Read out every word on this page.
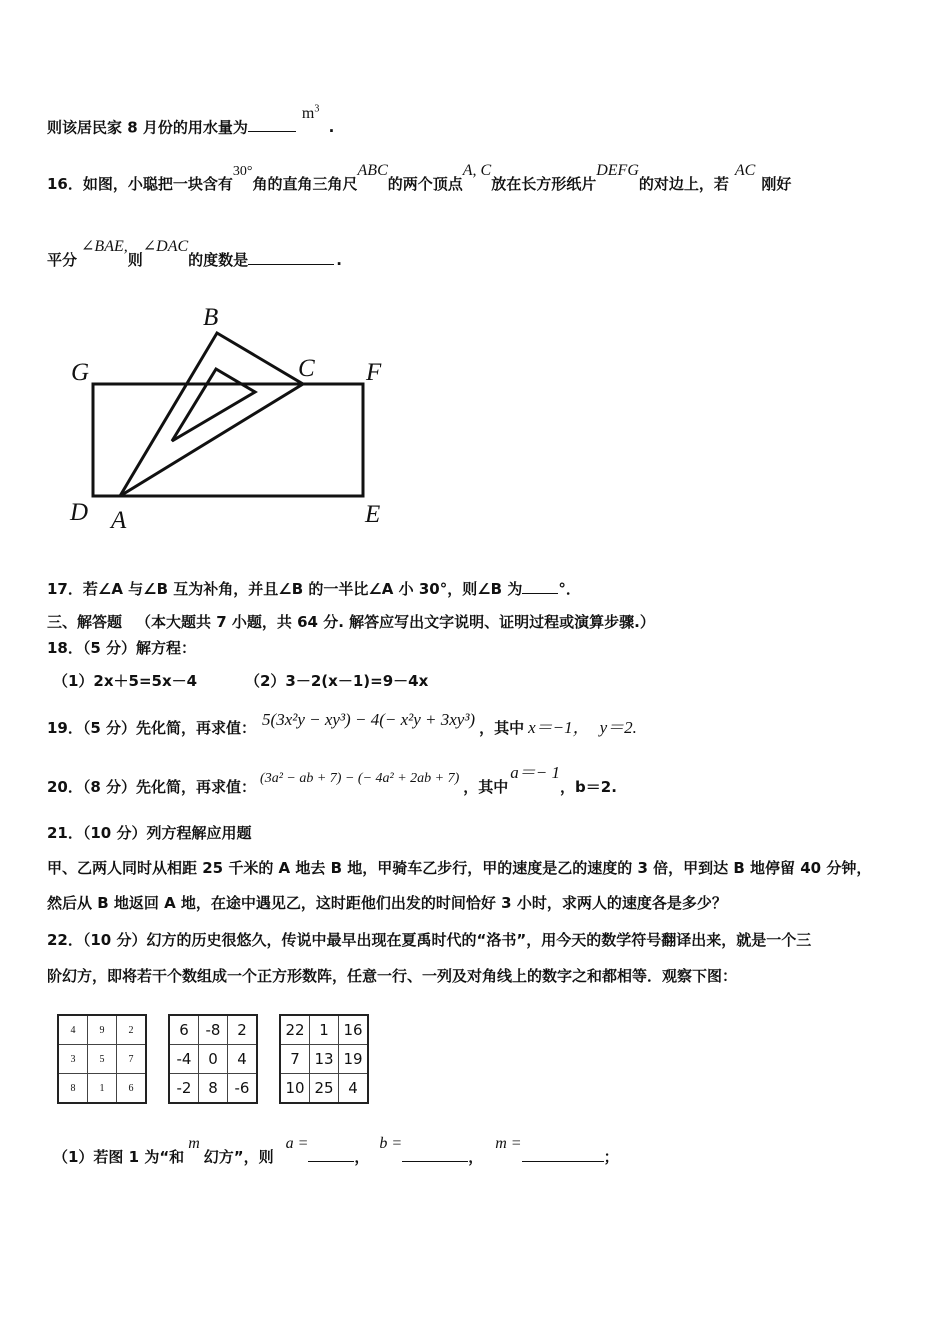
则该居民家 8 月份的用水量为$m^3$ .
16．如图，小聪把一块含有30°角的直角三角尺ABC的两个顶点A, C放在长方形纸片DEFG的对边上，若AC刚好
平分∠BAE,则∠DAC的度数是	.
B
G	C F
D A	E
17．若∠A 与∠B 互为补角，并且∠B 的一半比∠A 小 30°，则∠B 为 °．
三、解答题 （本大题共 7 小题，共 64 分. 解答应写出文字说明、证明过程或演算步骤.）
18．（5 分）解方程：
（1）2x＋5=5x－4	（2）3－2(x－1)=9－4x
19．（5 分）先化简，再求值： 5(3x²y − xy³) − 4(− x²y + 3xy³) ，其中 x＝−1， y＝2.
20．（8 分）先化简，再求值： (3a² − ab + 7) − (− 4a² + 2ab + 7) ，其中a＝− 1，b＝2.
21．（10 分）列方程解应用题
甲、乙两人同时从相距 25 千米的 A 地去 B 地，甲骑车乙步行，甲的速度是乙的速度的 3 倍，甲到达 B 地停留 40 分钟，
然后从 B 地返回 A 地，在途中遇见乙，这时距他们出发的时间恰好 3 小时，求两人的速度各是多少？
22．（10 分）幻方的历史很悠久，传说中最早出现在夏禹时代的“洛书”，用今天的数学符号翻译出来，就是一个三
阶幻方，即将若干个数组成一个正方形数阵，任意一行、一列及对角线上的数字之和都相等．观察下图：
4	9	2
3	5	7
8	1	6
6	-8	2
-4	0	4
-2	8	-6
22	1	16
7	13	19
10	25	4
（1）若图 1 为“和m幻方”，则a =，b =，m =；
